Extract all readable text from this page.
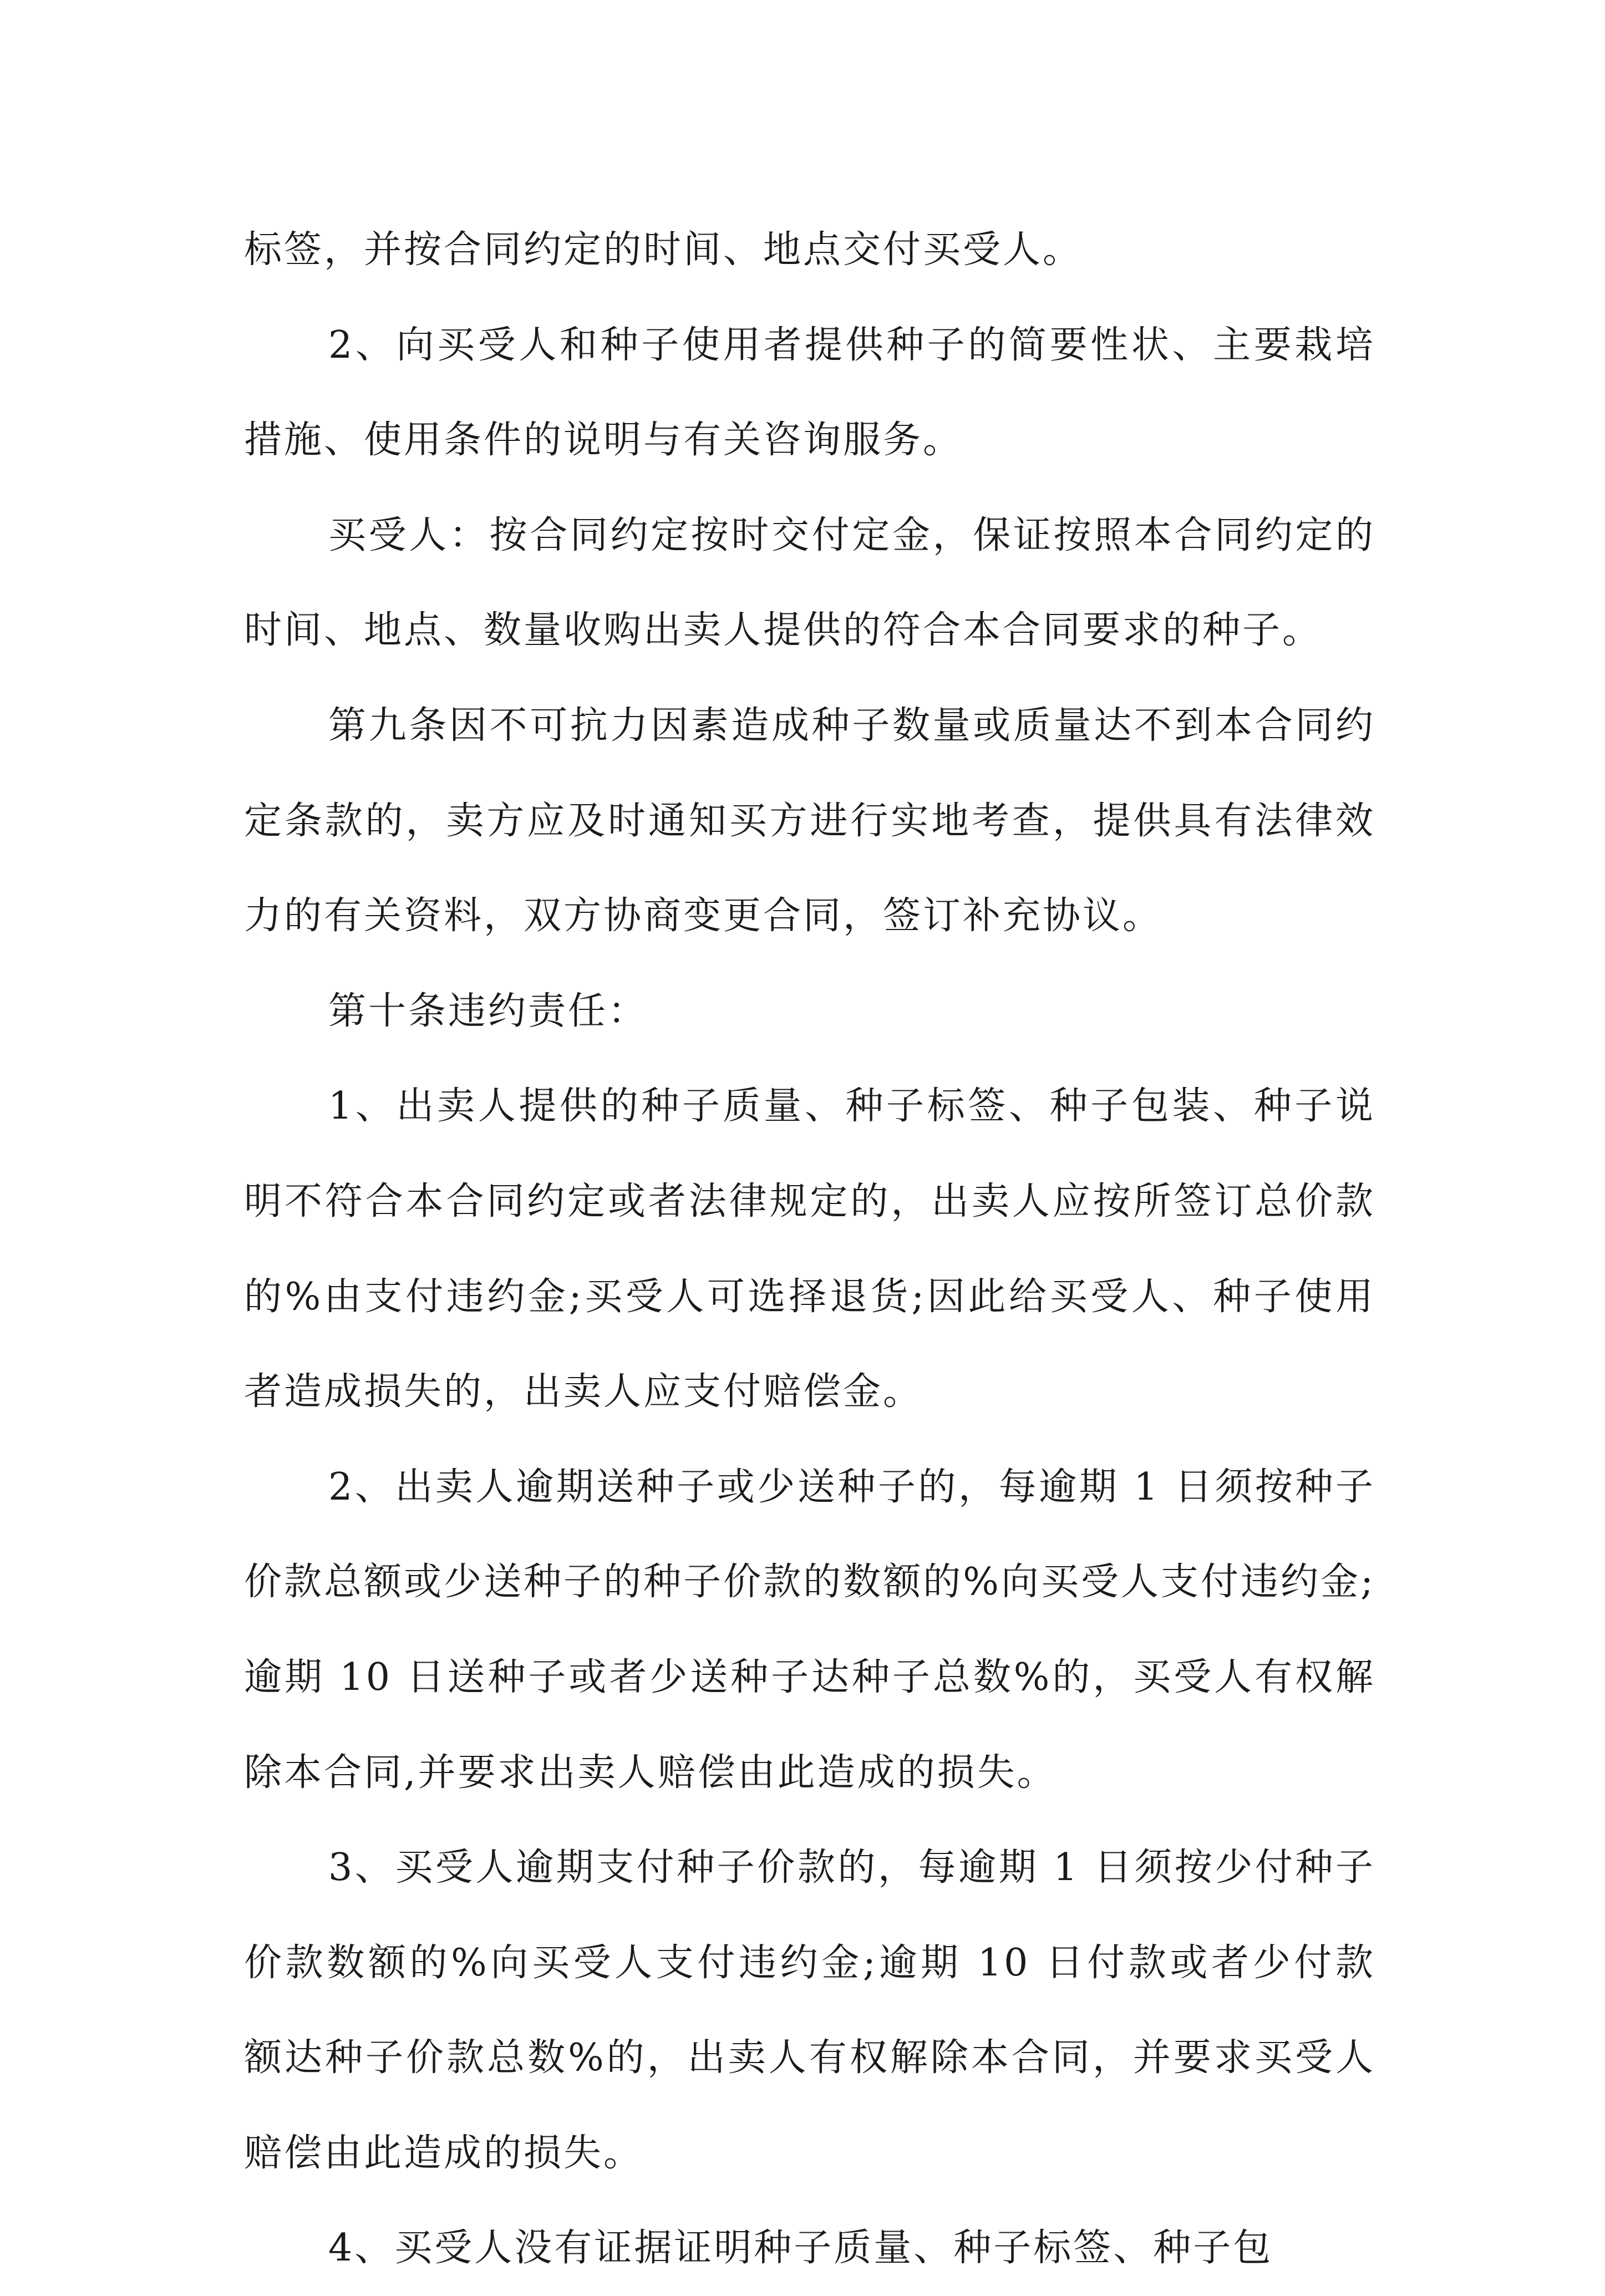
标签，并按合同约定的时间、地点交付买受人。

2、向买受人和种子使用者提供种子的简要性状、主要栽培措施、使用条件的说明与有关咨询服务。

买受人：按合同约定按时交付定金，保证按照本合同约定的时间、地点、数量收购出卖人提供的符合本合同要求的种子。

第九条因不可抗力因素造成种子数量或质量达不到本合同约定条款的，卖方应及时通知买方进行实地考查，提供具有法律效力的有关资料，双方协商变更合同，签订补充协议。

第十条违约责任：

1、出卖人提供的种子质量、种子标签、种子包装、种子说明不符合本合同约定或者法律规定的，出卖人应按所签订总价款的%由支付违约金;买受人可选择退货;因此给买受人、种子使用者造成损失的，出卖人应支付赔偿金。

2、出卖人逾期送种子或少送种子的，每逾期 1 日须按种子价款总额或少送种子的种子价款的数额的%向买受人支付违约金;逾期 10 日送种子或者少送种子达种子总数%的，买受人有权解除本合同,并要求出卖人赔偿由此造成的损失。

3、买受人逾期支付种子价款的，每逾期 1 日须按少付种子价款数额的%向买受人支付违约金;逾期 10 日付款或者少付款额达种子价款总数%的，出卖人有权解除本合同，并要求买受人赔偿由此造成的损失。

4、买受人没有证据证明种子质量、种子标签、种子包
